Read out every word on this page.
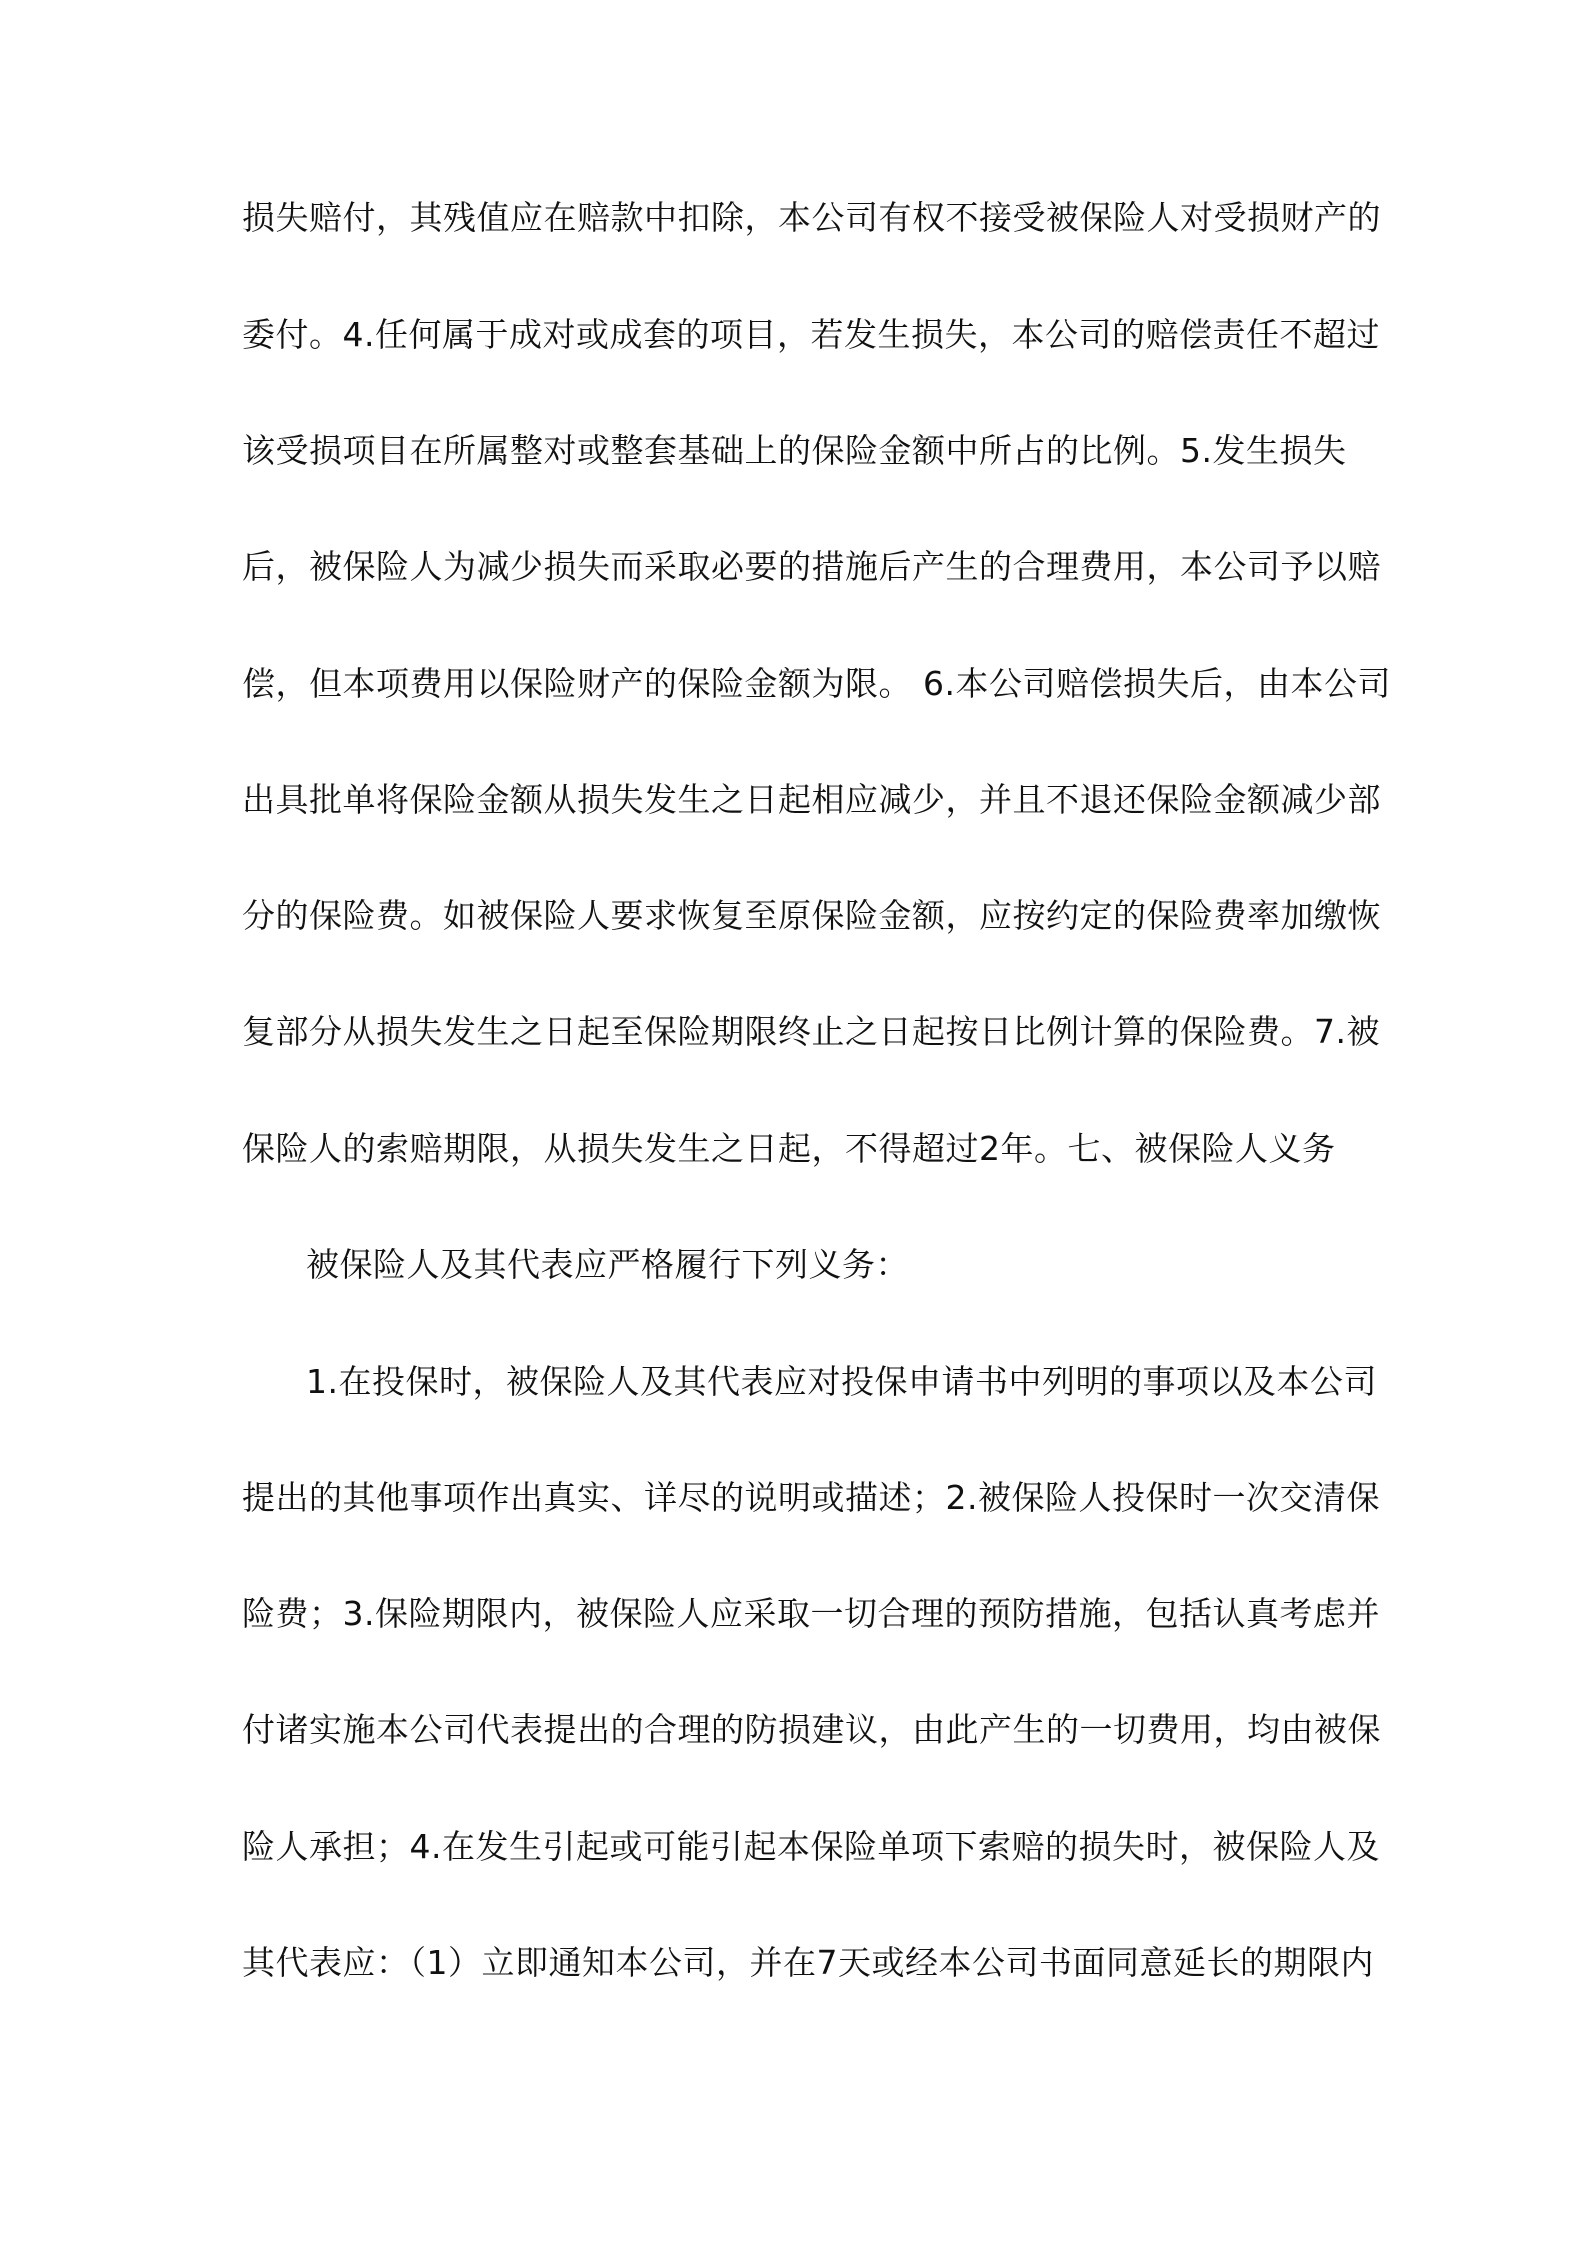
损失赔付，其残值应在赔款中扣除，本公司有权不接受被保险人对受损财产的
委付。4.任何属于成对或成套的项目，若发生损失，本公司的赔偿责任不超过
该受损项目在所属整对或整套基础上的保险金额中所占的比例。5.发生损失
后，被保险人为减少损失而采取必要的措施后产生的合理费用，本公司予以赔
偿，但本项费用以保险财产的保险金额为限。 6.本公司赔偿损失后，由本公司
出具批单将保险金额从损失发生之日起相应减少，并且不退还保险金额减少部
分的保险费。如被保险人要求恢复至原保险金额，应按约定的保险费率加缴恢
复部分从损失发生之日起至保险期限终止之日起按日比例计算的保险费。7.被
保险人的索赔期限，从损失发生之日起，不得超过2年。七、被保险人义务
被保险人及其代表应严格履行下列义务：
1.在投保时，被保险人及其代表应对投保申请书中列明的事项以及本公司
提出的其他事项作出真实、详尽的说明或描述；2.被保险人投保时一次交清保
险费；3.保险期限内，被保险人应采取一切合理的预防措施，包括认真考虑并
付诸实施本公司代表提出的合理的防损建议，由此产生的一切费用，均由被保
险人承担；4.在发生引起或可能引起本保险单项下索赔的损失时，被保险人及
其代表应：（1）立即通知本公司，并在7天或经本公司书面同意延长的期限内
